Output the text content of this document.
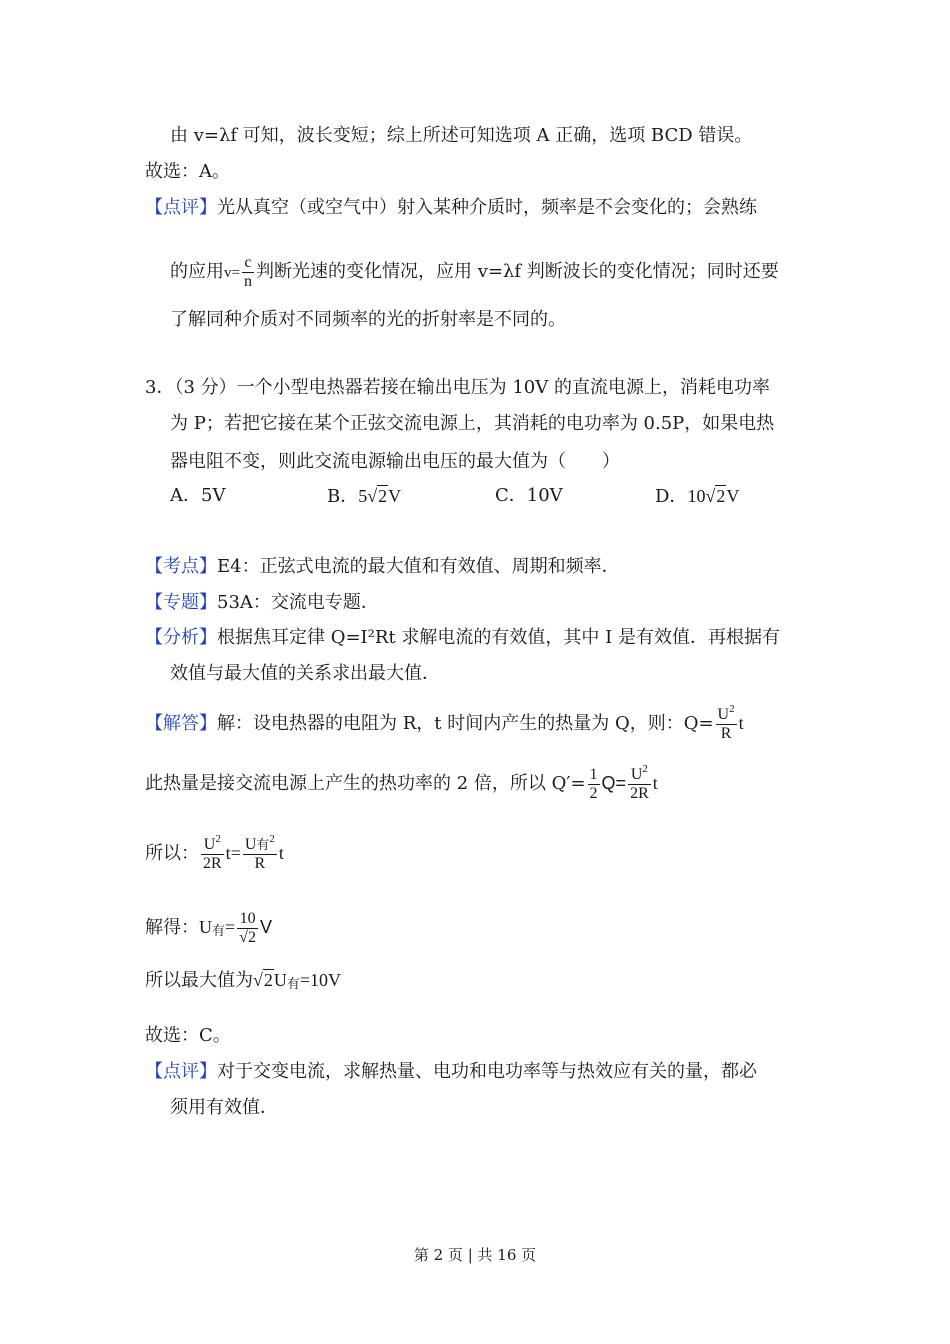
由 v=λf 可知，波长变短；综上所述可知选项 A 正确，选项 BCD 错误。
故选：A。
【点评】光从真空（或空气中）射入某种介质时，频率是不会变化的；会熟练
的应用$v= \frac{c}{n}$ 判断光速的变化情况，应用 v=λf 判断波长的变化情况；同时还要
了解同种介质对不同频率的光的折射率是不同的。
3．（3 分）一个小型电热器若接在输出电压为 10V 的直流电源上，消耗电功率
为 P；若把它接在某个正弦交流电源上，其消耗的电功率为 0.5P，如果电热
器电阻不变，则此交流电源输出电压的最大值为（　　）
A．5V	B．5√2V	C．10V	D．10√2V
【考点】E4：正弦式电流的最大值和有效值、周期和频率．
【专题】53A：交流电专题．
【分析】根据焦耳定律 Q=I²Rt 求解电流的有效值，其中 I 是有效值．再根据有
效值与最大值的关系求出最大值．
【解答】解：设电热器的电阻为 R，t 时间内产生的热量为 Q，则：$Q= \frac{U^2}{R}$ t
此热量是接交流电源上产生的热功率的 2 倍，所以 $Q'= \frac{1}{2} Q= \frac{U^2}{2R}$ t
所以： $\frac{U^2}{2R} t= \frac{U有^2}{R}$ t
解得：$U_有= \frac{10}{√2}$ V
所以最大值为$√2U_有=10V$
故选：C。
【点评】对于交变电流，求解热量、电功和电功率等与热效应有关的量，都必
须用有效值．
第 2 页 | 共 16 页
